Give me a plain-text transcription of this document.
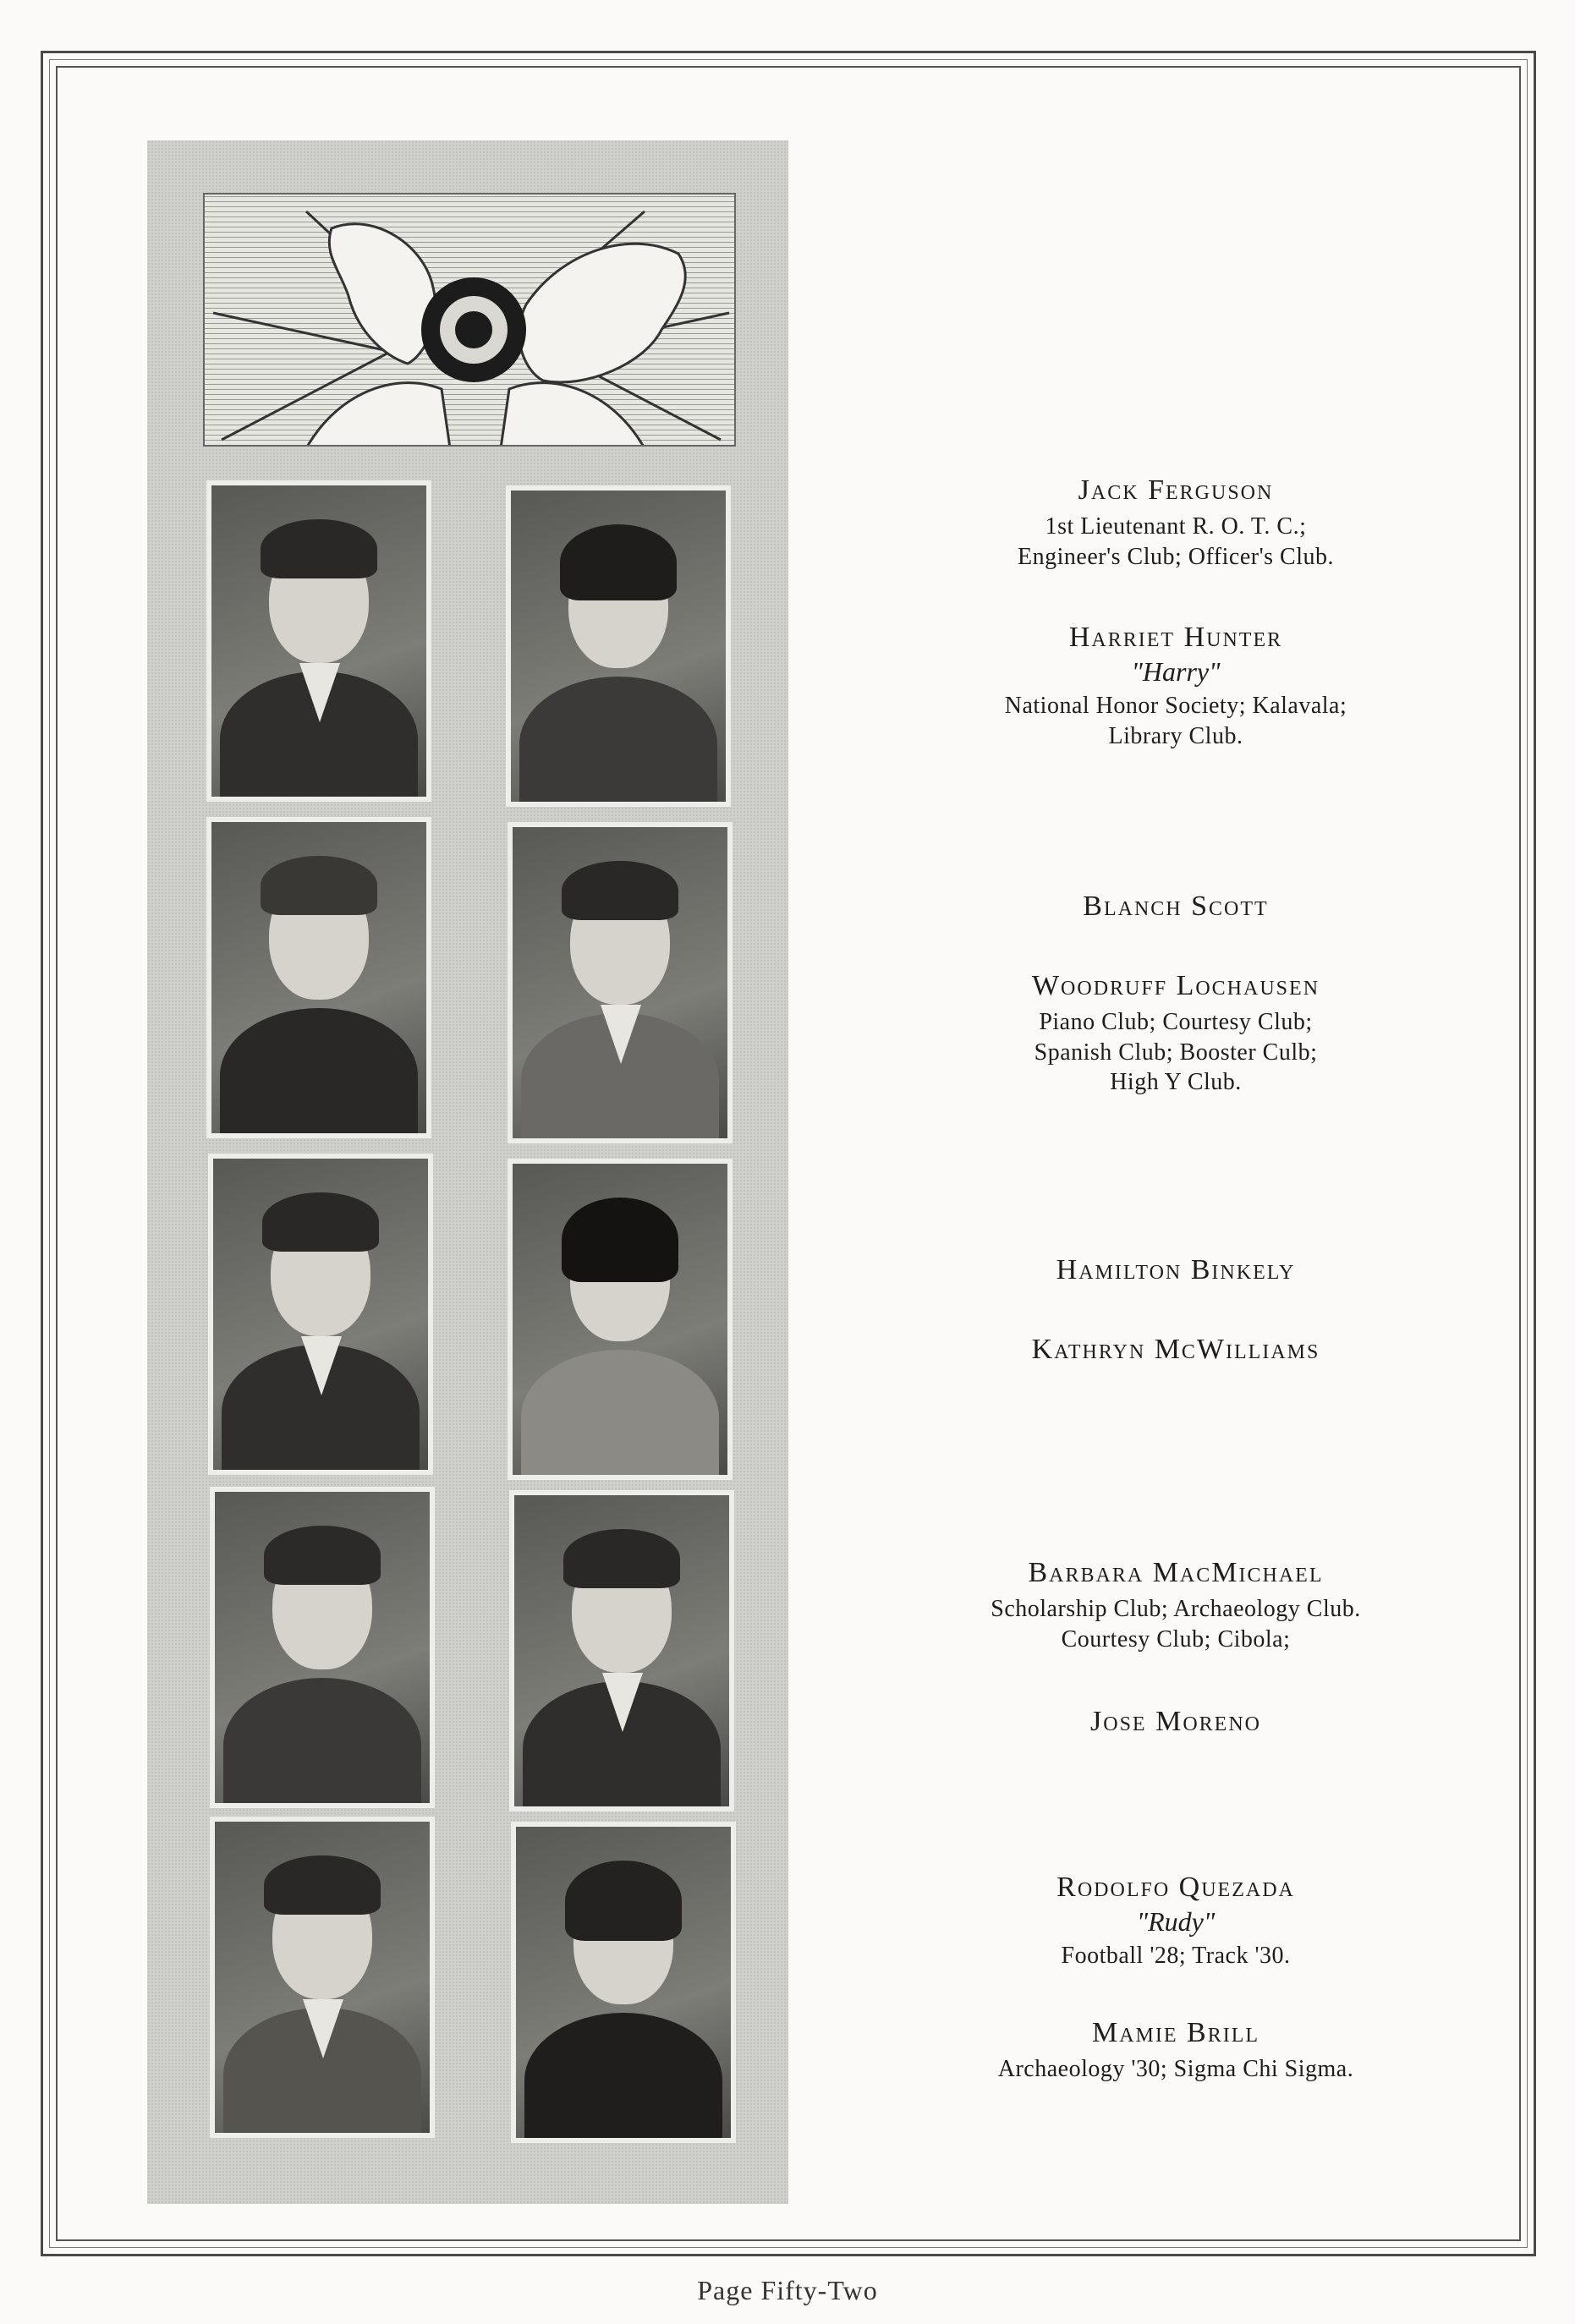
Jack Ferguson

1st Lieutenant R. O. T. C.;
Engineer's Club; Officer's Club.

Harriet Hunter

"Harry"

National Honor Society; Kalavala;
Library Club.

Blanch Scott

Woodruff Lochausen

Piano Club; Courtesy Club;
Spanish Club; Booster Culb;
High Y Club.

Hamilton Binkely

Kathryn McWilliams

Barbara MacMichael

Scholarship Club; Archaeology Club.
Courtesy Club; Cibola;

Jose Moreno

Rodolfo Quezada

"Rudy"

Football '28; Track '30.

Mamie Brill

Archaeology '30; Sigma Chi Sigma.

Page Fifty-Two
